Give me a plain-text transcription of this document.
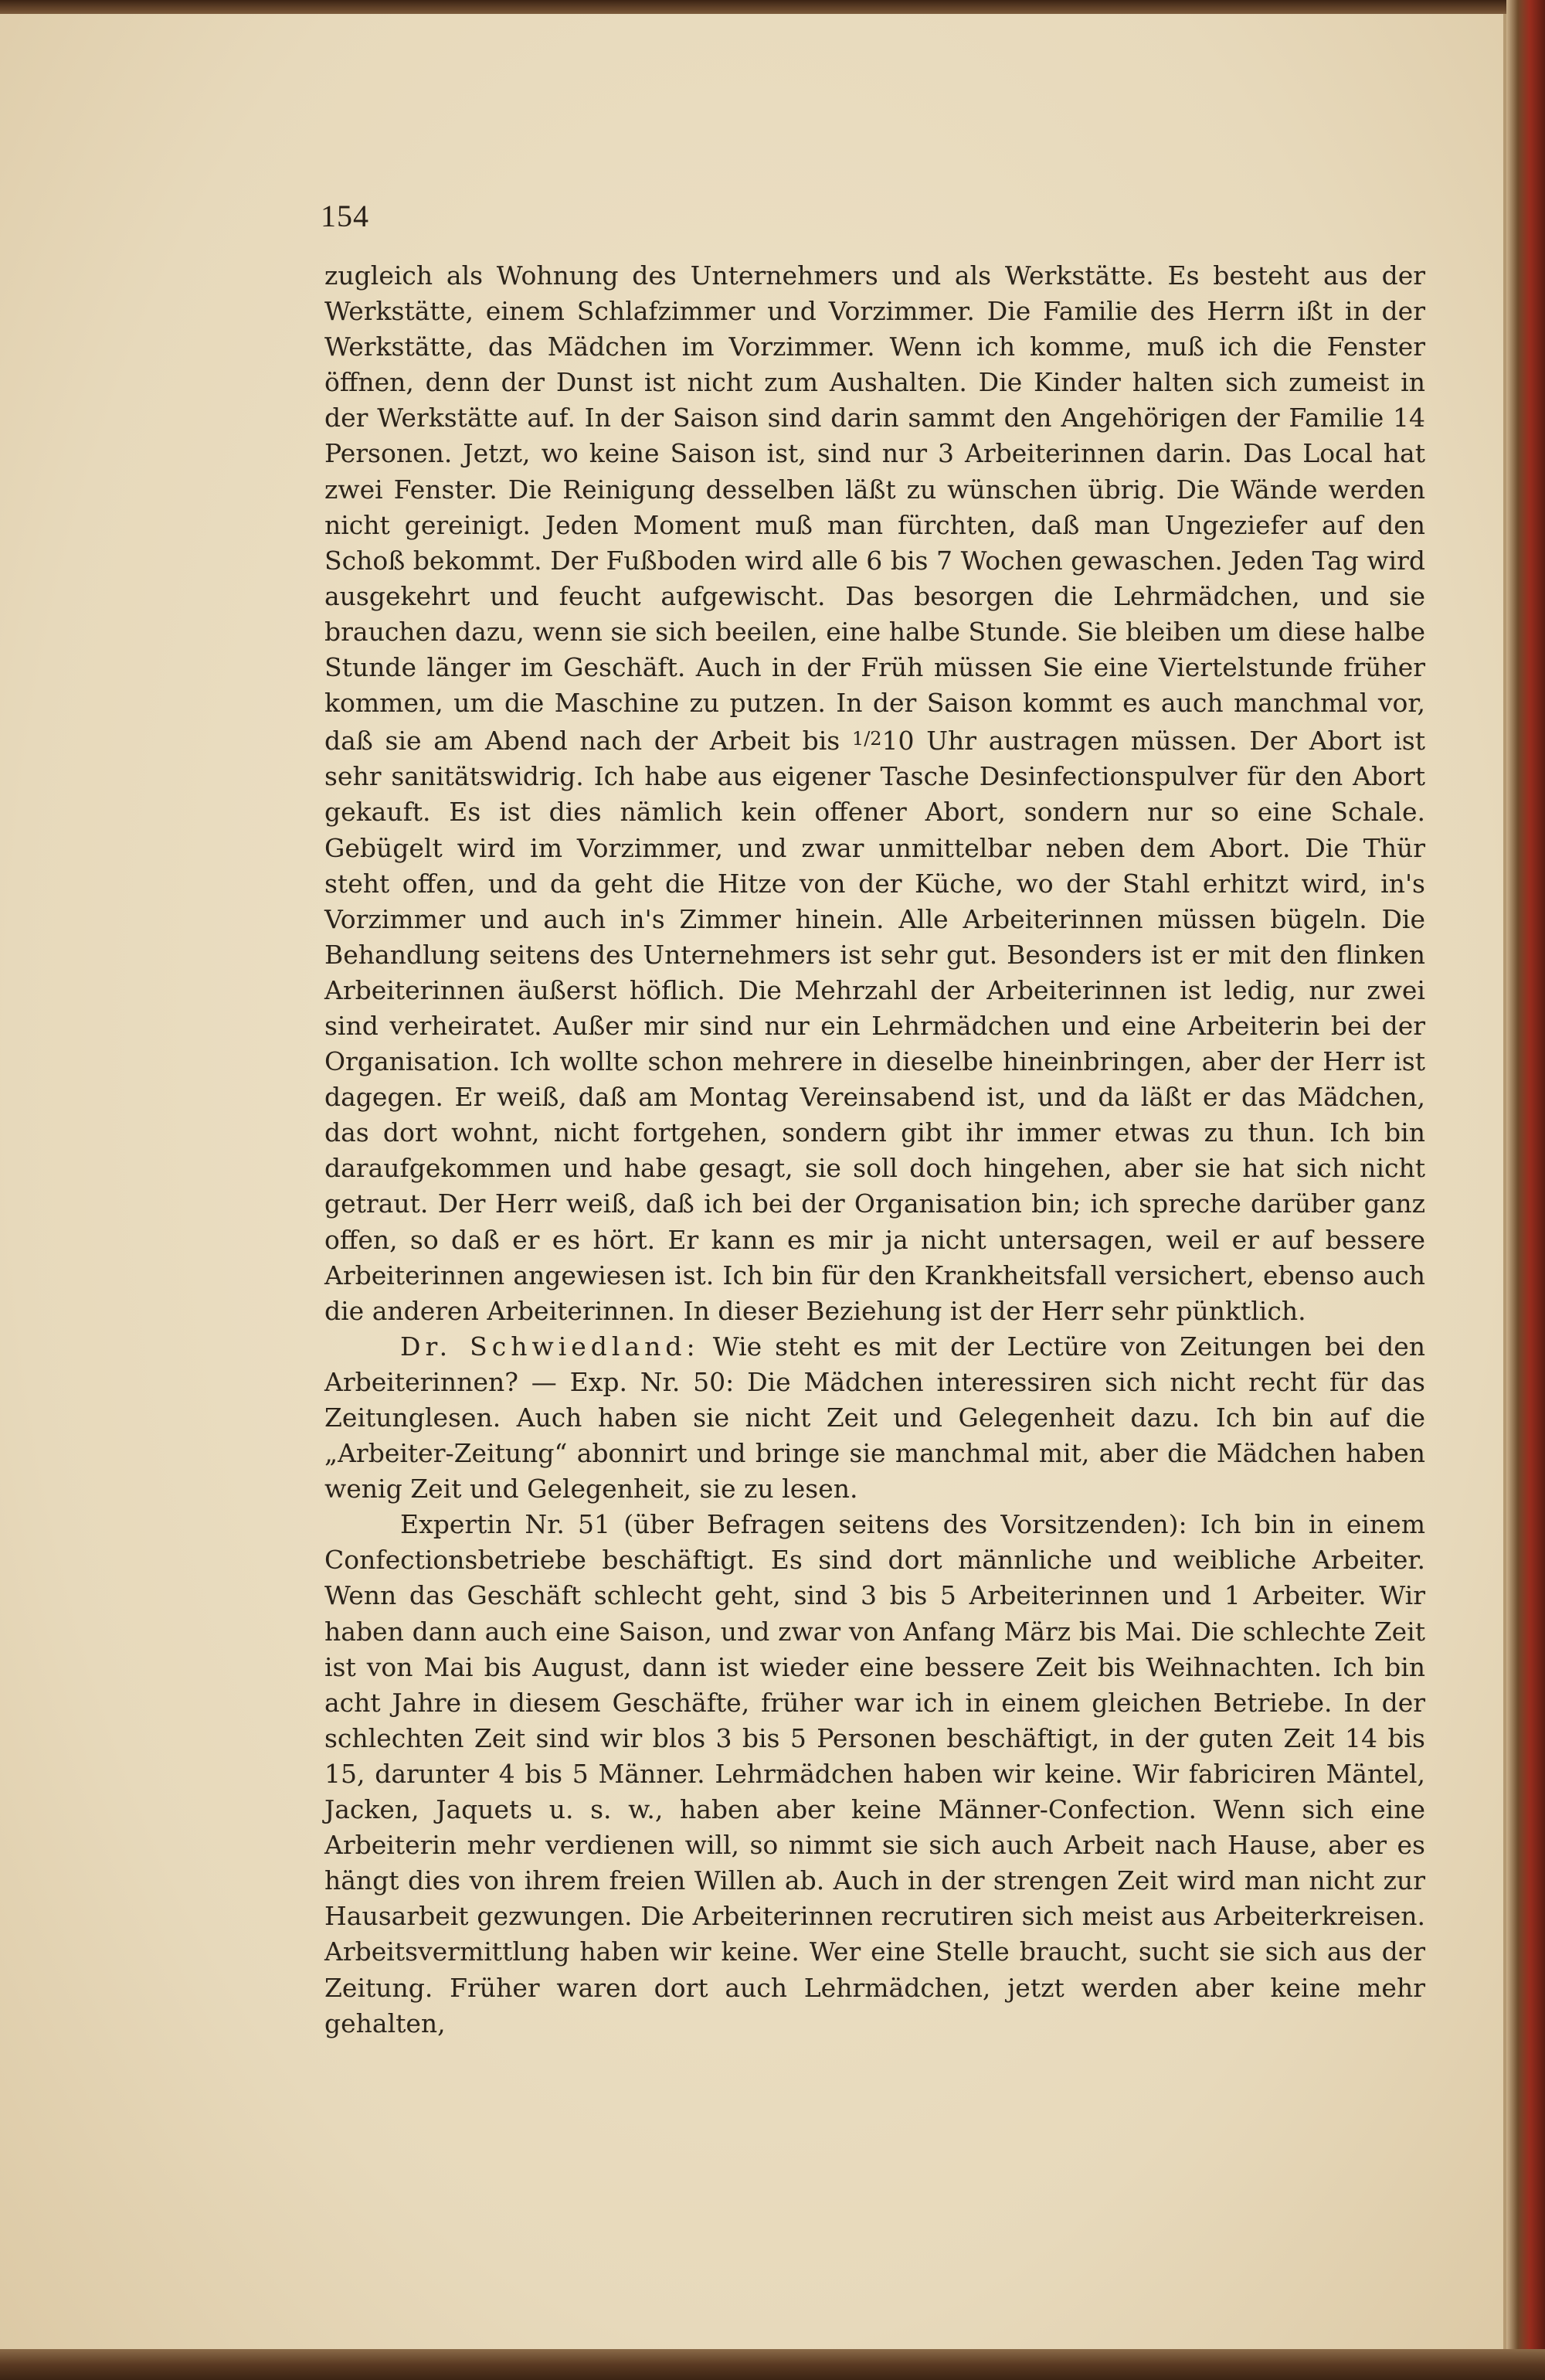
154

zugleich als Wohnung des Unternehmers und als Werkstätte. Es besteht aus der Werkstätte, einem Schlafzimmer und Vorzimmer. Die Familie des Herrn ißt in der Werkstätte, das Mädchen im Vorzimmer. Wenn ich komme, muß ich die Fenster öffnen, denn der Dunst ist nicht zum Aushalten. Die Kinder halten sich zumeist in der Werkstätte auf. In der Saison sind darin sammt den Angehörigen der Familie 14 Personen. Jetzt, wo keine Saison ist, sind nur 3 Arbeiterinnen darin. Das Local hat zwei Fenster. Die Reinigung desselben läßt zu wünschen übrig. Die Wände werden nicht gereinigt. Jeden Moment muß man fürchten, daß man Ungeziefer auf den Schoß bekommt. Der Fußboden wird alle 6 bis 7 Wochen gewaschen. Jeden Tag wird ausgekehrt und feucht aufgewischt. Das besorgen die Lehrmädchen, und sie brauchen dazu, wenn sie sich beeilen, eine halbe Stunde. Sie bleiben um diese halbe Stunde länger im Geschäft. Auch in der Früh müssen Sie eine Viertelstunde früher kommen, um die Maschine zu putzen. In der Saison kommt es auch manchmal vor, daß sie am Abend nach der Arbeit bis 1/210 Uhr austragen müssen. Der Abort ist sehr sanitätswidrig. Ich habe aus eigener Tasche Desinfectionspulver für den Abort gekauft. Es ist dies nämlich kein offener Abort, sondern nur so eine Schale. Gebügelt wird im Vorzimmer, und zwar unmittelbar neben dem Abort. Die Thür steht offen, und da geht die Hitze von der Küche, wo der Stahl erhitzt wird, in's Vorzimmer und auch in's Zimmer hinein. Alle Arbeiterinnen müssen bügeln. Die Behandlung seitens des Unternehmers ist sehr gut. Besonders ist er mit den flinken Arbeiterinnen äußerst höflich. Die Mehrzahl der Arbeiterinnen ist ledig, nur zwei sind verheiratet. Außer mir sind nur ein Lehrmädchen und eine Arbeiterin bei der Organisation. Ich wollte schon mehrere in dieselbe hineinbringen, aber der Herr ist dagegen. Er weiß, daß am Montag Vereinsabend ist, und da läßt er das Mädchen, das dort wohnt, nicht fortgehen, sondern gibt ihr immer etwas zu thun. Ich bin daraufgekommen und habe gesagt, sie soll doch hingehen, aber sie hat sich nicht getraut. Der Herr weiß, daß ich bei der Organisation bin; ich spreche darüber ganz offen, so daß er es hört. Er kann es mir ja nicht untersagen, weil er auf bessere Arbeiterinnen angewiesen ist. Ich bin für den Krankheitsfall versichert, ebenso auch die anderen Arbeiterinnen. In dieser Beziehung ist der Herr sehr pünktlich.

Dr. Schwiedland: Wie steht es mit der Lectüre von Zeitungen bei den Arbeiterinnen? — Exp. Nr. 50: Die Mädchen interessiren sich nicht recht für das Zeitunglesen. Auch haben sie nicht Zeit und Gelegenheit dazu. Ich bin auf die „Arbeiter-Zeitung“ abonnirt und bringe sie manchmal mit, aber die Mädchen haben wenig Zeit und Gelegenheit, sie zu lesen.

Expertin Nr. 51 (über Befragen seitens des Vorsitzenden): Ich bin in einem Confectionsbetriebe beschäftigt. Es sind dort männliche und weibliche Arbeiter. Wenn das Geschäft schlecht geht, sind 3 bis 5 Arbeiterinnen und 1 Arbeiter. Wir haben dann auch eine Saison, und zwar von Anfang März bis Mai. Die schlechte Zeit ist von Mai bis August, dann ist wieder eine bessere Zeit bis Weihnachten. Ich bin acht Jahre in diesem Geschäfte, früher war ich in einem gleichen Betriebe. In der schlechten Zeit sind wir blos 3 bis 5 Personen beschäftigt, in der guten Zeit 14 bis 15, darunter 4 bis 5 Männer. Lehrmädchen haben wir keine. Wir fabriciren Mäntel, Jacken, Jaquets u. s. w., haben aber keine Männer-Confection. Wenn sich eine Arbeiterin mehr verdienen will, so nimmt sie sich auch Arbeit nach Hause, aber es hängt dies von ihrem freien Willen ab. Auch in der strengen Zeit wird man nicht zur Hausarbeit gezwungen. Die Arbeiterinnen recrutiren sich meist aus Arbeiterkreisen. Arbeitsvermittlung haben wir keine. Wer eine Stelle braucht, sucht sie sich aus der Zeitung. Früher waren dort auch Lehrmädchen, jetzt werden aber keine mehr gehalten,
